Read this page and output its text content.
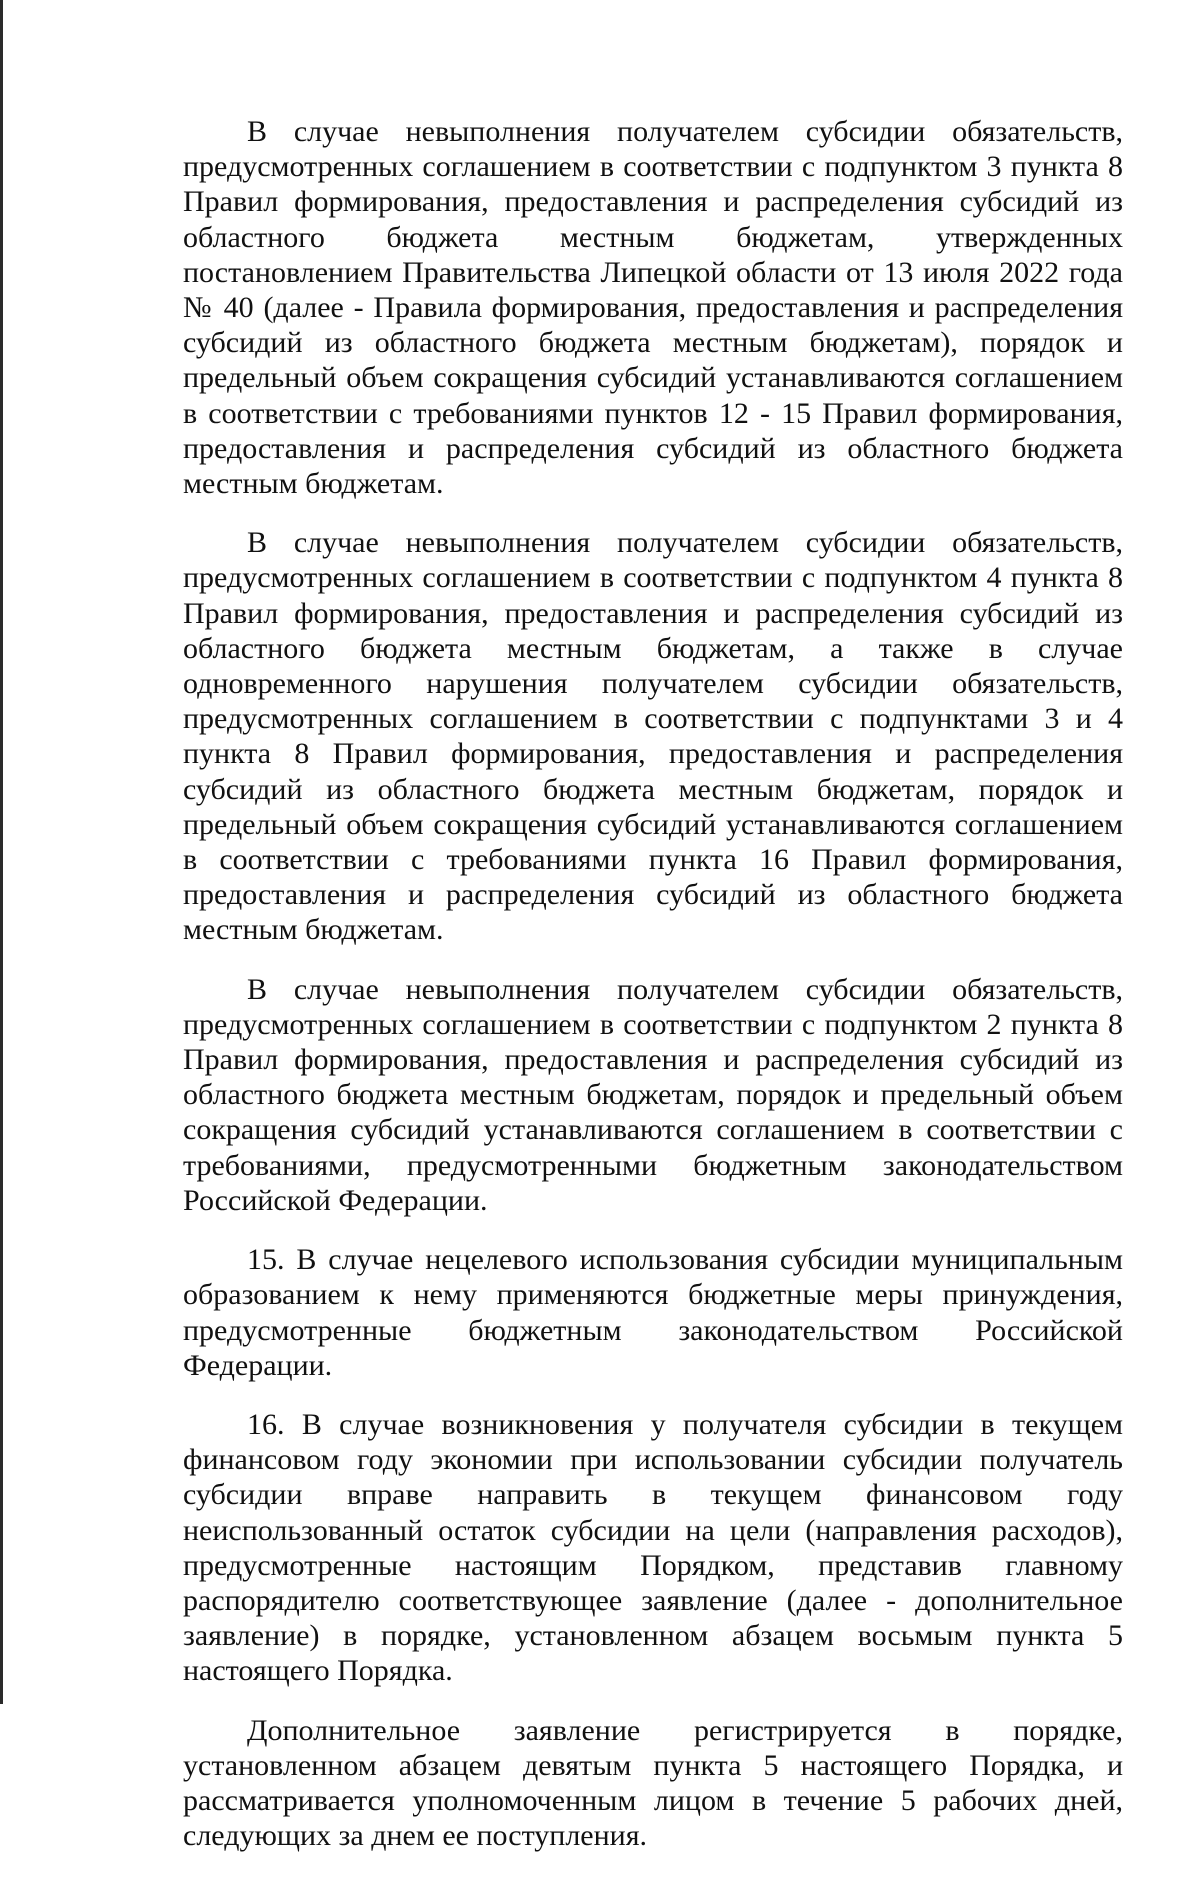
В случае невыполнения получателем субсидии обязательств, предусмотренных соглашением в соответствии с подпунктом 3 пункта 8 Правил формирования, предоставления и распределения субсидий из областного бюджета местным бюджетам, утвержденных постановлением Правительства Липецкой области от 13 июля 2022 года № 40 (далее - Правила формирования, предоставления и распределения субсидий из областного бюджета местным бюджетам), порядок и предельный объем сокращения субсидий устанавливаются соглашением в соответствии с требованиями пунктов 12 - 15 Правил формирования, предоставления и распределения субсидий из областного бюджета местным бюджетам.

В случае невыполнения получателем субсидии обязательств, предусмотренных соглашением в соответствии с подпунктом 4 пункта 8 Правил формирования, предоставления и распределения субсидий из областного бюджета местным бюджетам, а также в случае одновременного нарушения получателем субсидии обязательств, предусмотренных соглашением в соответствии с подпунктами 3 и 4 пункта 8 Правил формирования, предоставления и распределения субсидий из областного бюджета местным бюджетам, порядок и предельный объем сокращения субсидий устанавливаются соглашением в соответствии с требованиями пункта 16 Правил формирования, предоставления и распределения субсидий из областного бюджета местным бюджетам.

В случае невыполнения получателем субсидии обязательств, предусмотренных соглашением в соответствии с подпунктом 2 пункта 8 Правил формирования, предоставления и распределения субсидий из областного бюджета местным бюджетам, порядок и предельный объем сокращения субсидий устанавливаются соглашением в соответствии с требованиями, предусмотренными бюджетным законодательством Российской Федерации.

15. В случае нецелевого использования субсидии муниципальным образованием к нему применяются бюджетные меры принуждения, предусмотренные бюджетным законодательством Российской Федерации.

16. В случае возникновения у получателя субсидии в текущем финансовом году экономии при использовании субсидии получатель субсидии вправе направить в текущем финансовом году неиспользованный остаток субсидии на цели (направления расходов), предусмотренные настоящим Порядком, представив главному распорядителю соответствующее заявление (далее - дополнительное заявление) в порядке, установленном абзацем восьмым пункта 5 настоящего Порядка.

Дополнительное заявление регистрируется в порядке, установленном абзацем девятым пункта 5 настоящего Порядка, и рассматривается уполномоченным лицом в течение 5 рабочих дней, следующих за днем ее поступления.
